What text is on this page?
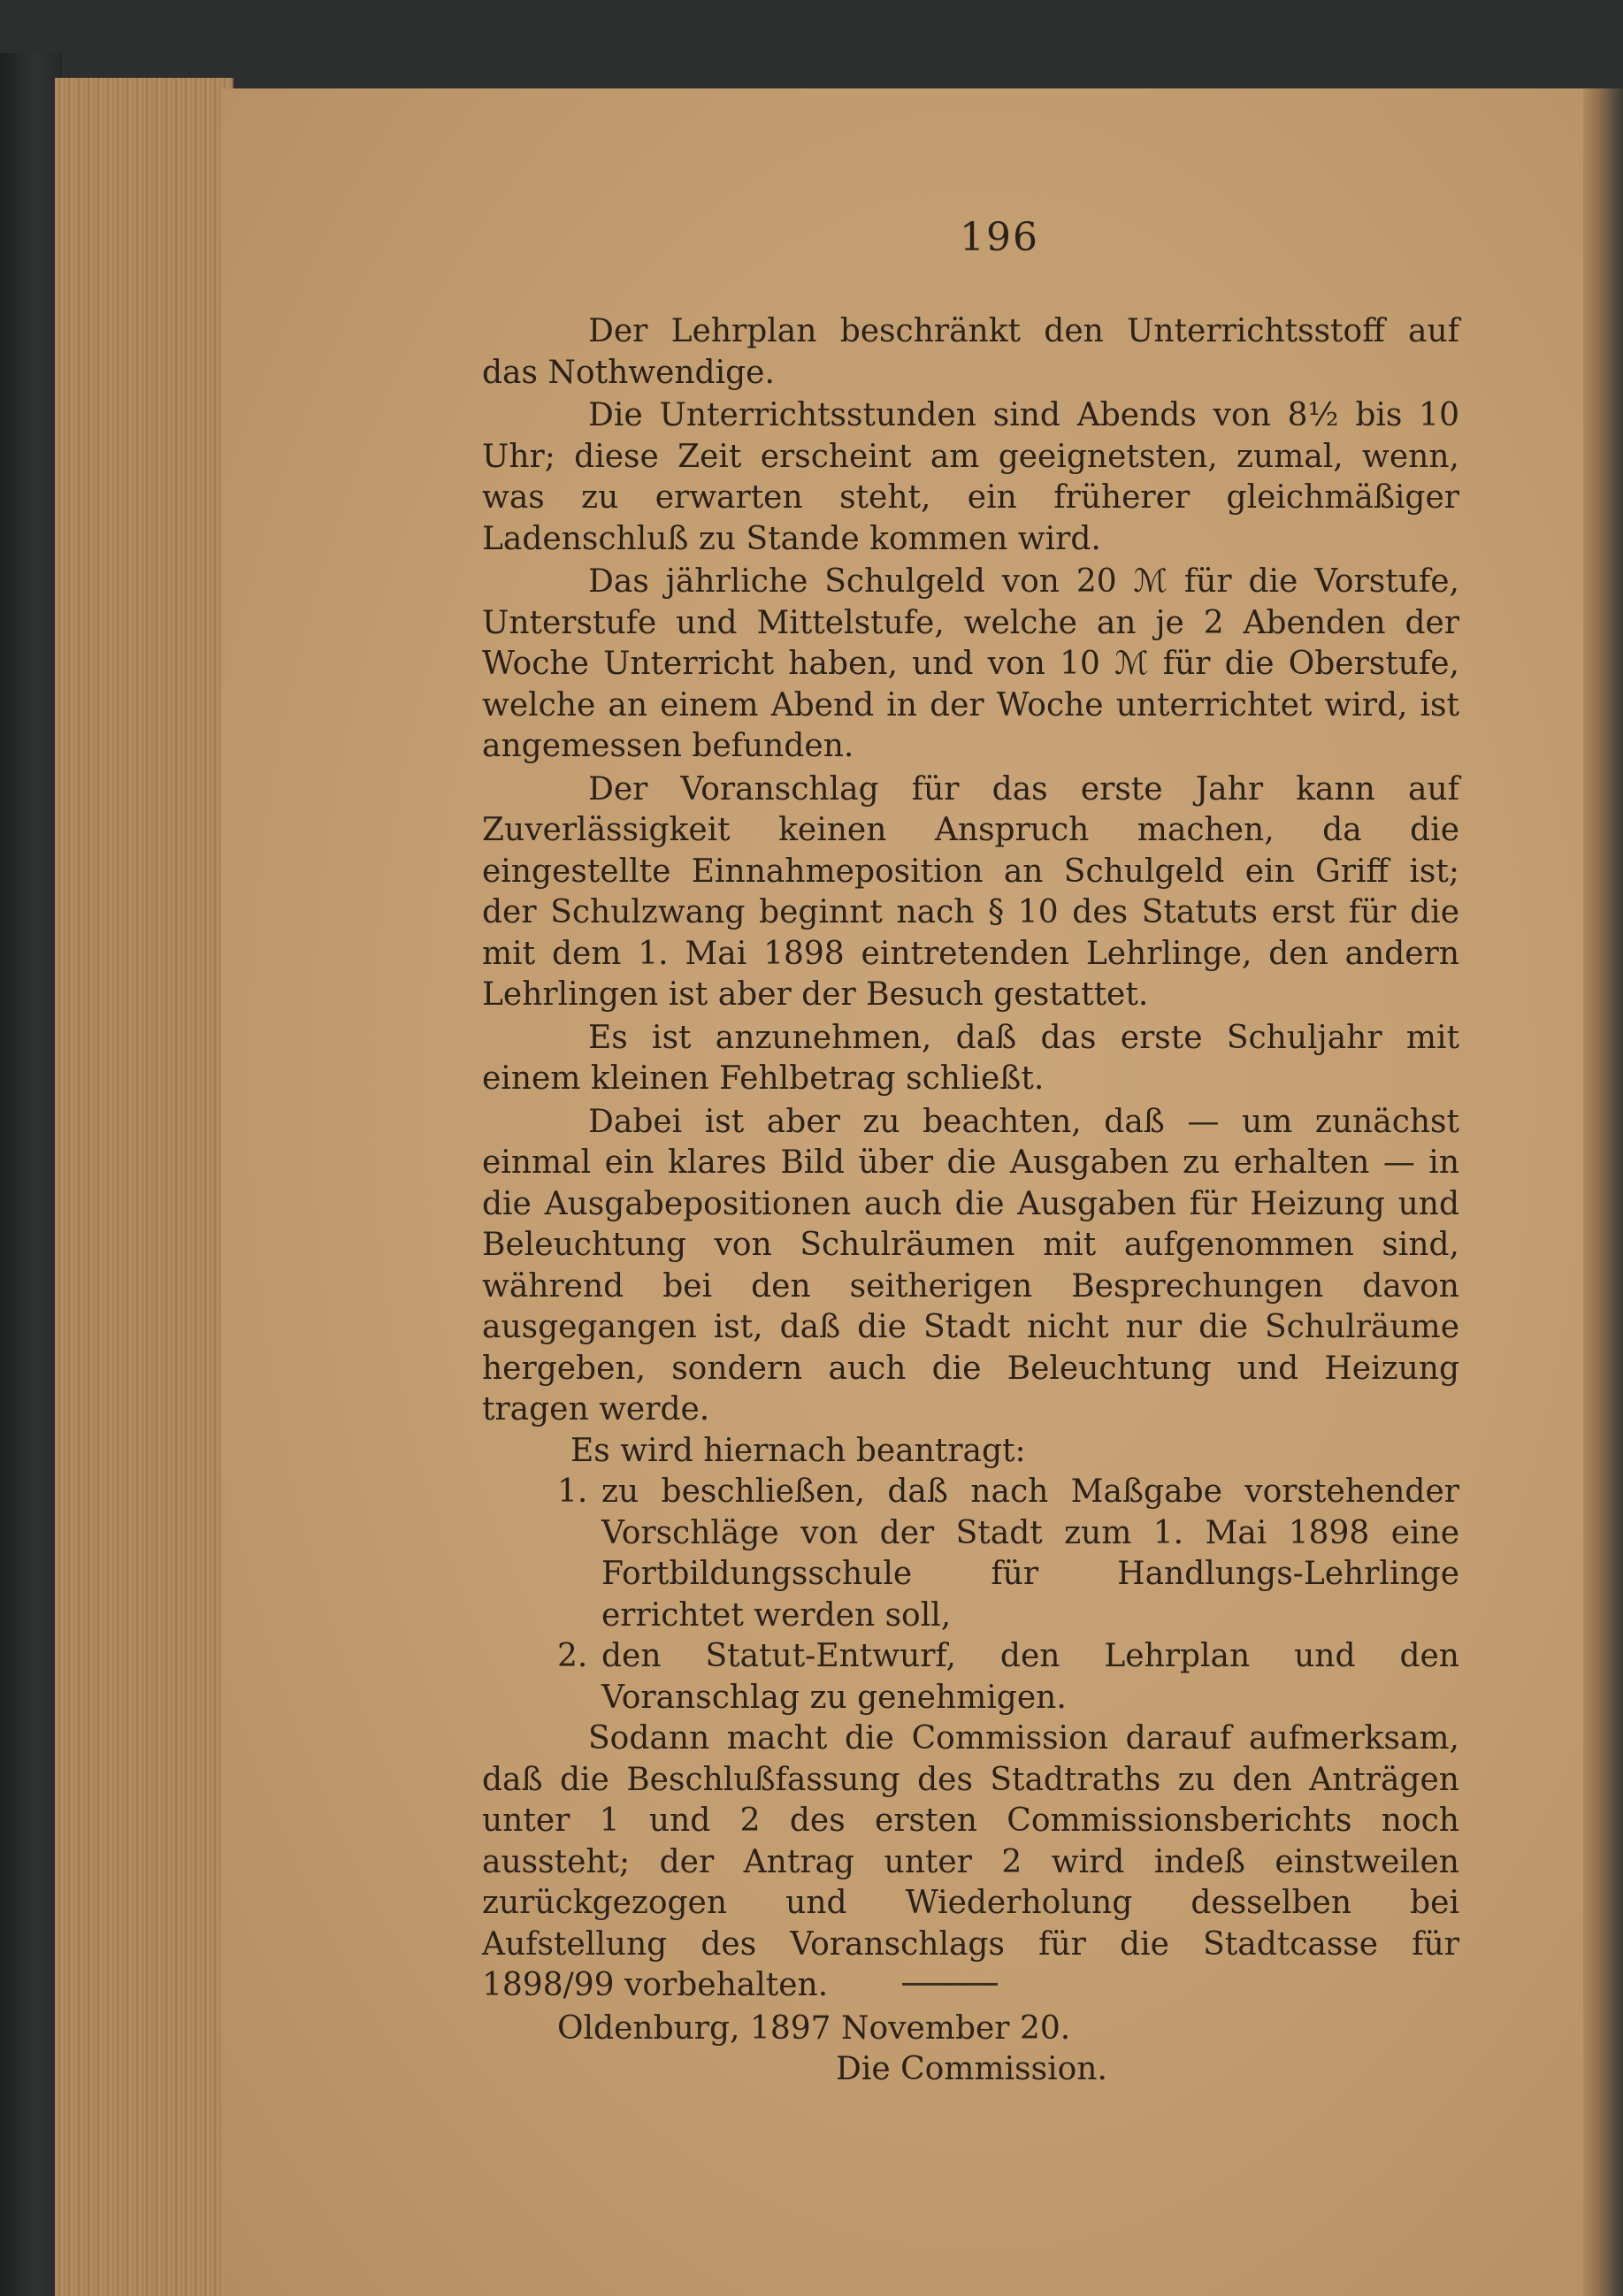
196

Der Lehrplan beschränkt den Unterrichtsstoff auf das Nothwendige.

Die Unterrichtsstunden sind Abends von 8½ bis 10 Uhr; diese Zeit erscheint am geeignetsten, zumal, wenn, was zu erwarten steht, ein früherer gleichmäßiger Ladenschluß zu Stande kommen wird.

Das jährliche Schulgeld von 20 ℳ für die Vorstufe, Unterstufe und Mittelstufe, welche an je 2 Abenden der Woche Unterricht haben, und von 10 ℳ für die Oberstufe, welche an einem Abend in der Woche unterrichtet wird, ist angemessen befunden.

Der Voranschlag für das erste Jahr kann auf Zuverlässigkeit keinen Anspruch machen, da die eingestellte Einnahmeposition an Schulgeld ein Griff ist; der Schulzwang beginnt nach § 10 des Statuts erst für die mit dem 1. Mai 1898 eintretenden Lehrlinge, den andern Lehrlingen ist aber der Besuch gestattet.

Es ist anzunehmen, daß das erste Schuljahr mit einem kleinen Fehlbetrag schließt.

Dabei ist aber zu beachten, daß — um zunächst einmal ein klares Bild über die Ausgaben zu erhalten — in die Ausgabepositionen auch die Ausgaben für Heizung und Beleuchtung von Schulräumen mit aufgenommen sind, während bei den seitherigen Besprechungen davon ausgegangen ist, daß die Stadt nicht nur die Schulräume hergeben, sondern auch die Beleuchtung und Heizung tragen werde.

Es wird hiernach beantragt:

1. zu beschließen, daß nach Maßgabe vorstehender Vorschläge von der Stadt zum 1. Mai 1898 eine Fortbildungsschule für Handlungs-Lehrlinge errichtet werden soll,
2. den Statut-Entwurf, den Lehrplan und den Voranschlag zu genehmigen.

Sodann macht die Commission darauf aufmerksam, daß die Beschlußfassung des Stadtraths zu den Anträgen unter 1 und 2 des ersten Commissionsberichts noch aussteht; der Antrag unter 2 wird indeß einstweilen zurückgezogen und Wiederholung desselben bei Aufstellung des Voranschlags für die Stadtcasse für 1898/99 vorbehalten.

Oldenburg, 1897 November 20.

Die Commission.
